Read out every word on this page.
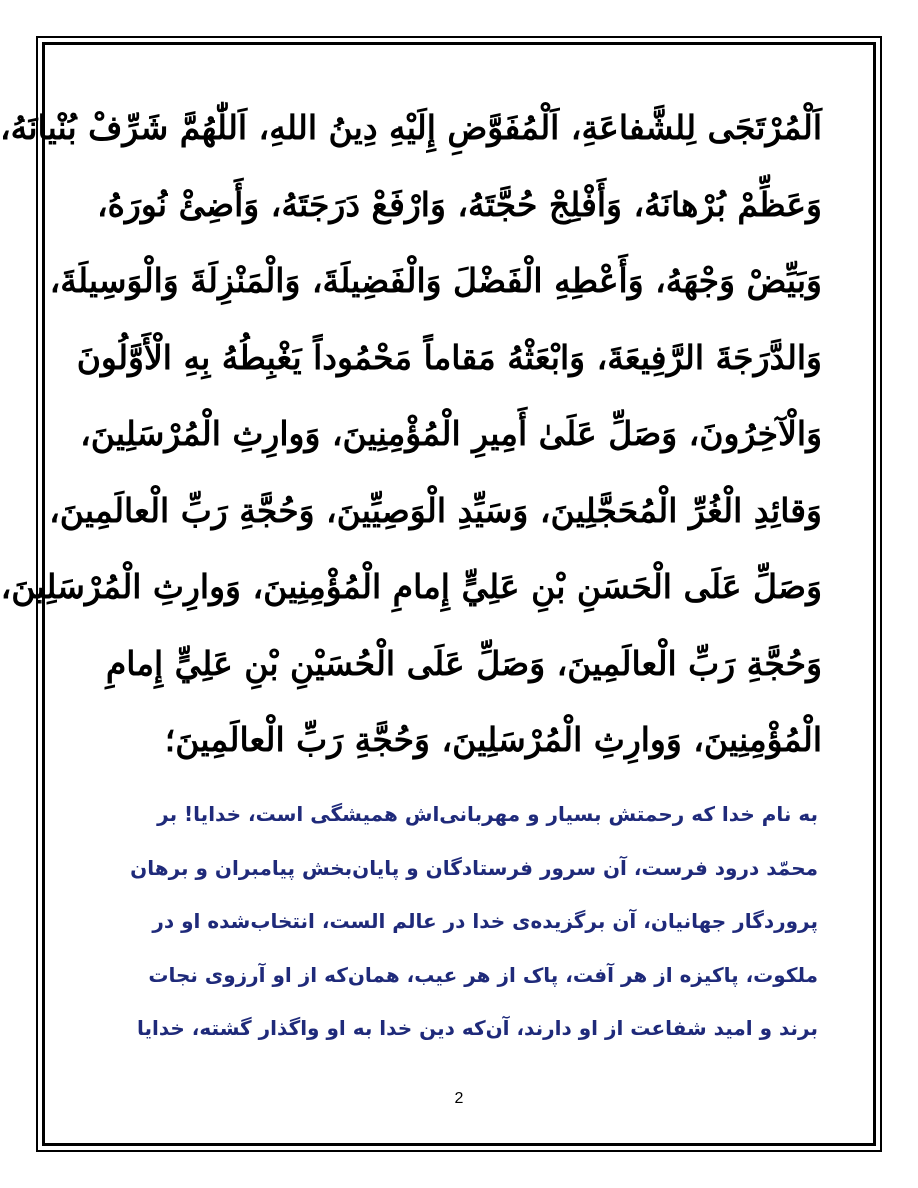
اَلْمُرْتَجَى لِلشَّفاعَةِ، اَلْمُفَوَّضِ إِلَيْهِ دِينُ اللهِ، اَللّٰهُمَّ شَرِّفْ بُنْيانَهُ،
وَعَظِّمْ بُرْهانَهُ، وَأَفْلِجْ حُجَّتَهُ، وَارْفَعْ دَرَجَتَهُ، وَأَضِئْ نُورَهُ،
وَبَيِّضْ وَجْهَهُ، وَأَعْطِهِ الْفَضْلَ وَالْفَضِيلَةَ، وَالْمَنْزِلَةَ وَالْوَسِيلَةَ،
وَالدَّرَجَةَ الرَّفِيعَةَ، وَابْعَثْهُ مَقاماً مَحْمُوداً يَغْبِطُهُ بِهِ الْأَوَّلُونَ
وَالْآخِرُونَ، وَصَلِّ عَلَىٰ أَمِيرِ الْمُؤْمِنِينَ، وَوارِثِ الْمُرْسَلِينَ،
وَقائِدِ الْغُرِّ الْمُحَجَّلِينَ، وَسَيِّدِ الْوَصِيِّينَ، وَحُجَّةِ رَبِّ الْعالَمِينَ،
وَصَلِّ عَلَى الْحَسَنِ بْنِ عَلِيٍّ إِمامِ الْمُؤْمِنِينَ، وَوارِثِ الْمُرْسَلِينَ،
وَحُجَّةِ رَبِّ الْعالَمِينَ، وَصَلِّ عَلَى الْحُسَيْنِ بْنِ عَلِيٍّ إِمامِ
الْمُؤْمِنِينَ، وَوارِثِ الْمُرْسَلِينَ، وَحُجَّةِ رَبِّ الْعالَمِينَ؛
به نام خدا که رحمتش بسیار و مهربانی‌اش همیشگی است، خدایا! بر
محمّد درود فرست، آن سرور فرستادگان و پایان‌بخش پیامبران و برهان
پروردگار جهانیان، آن برگزیده‌ی خدا در عالم الست، انتخاب‌شده او در
ملکوت، پاکیزه از هر آفت، پاک از هر عیب، همان‌که از او آرزوی نجات
برند و امید شفاعت از او دارند، آن‌که دین خدا به او واگذار گشته، خدایا
2
